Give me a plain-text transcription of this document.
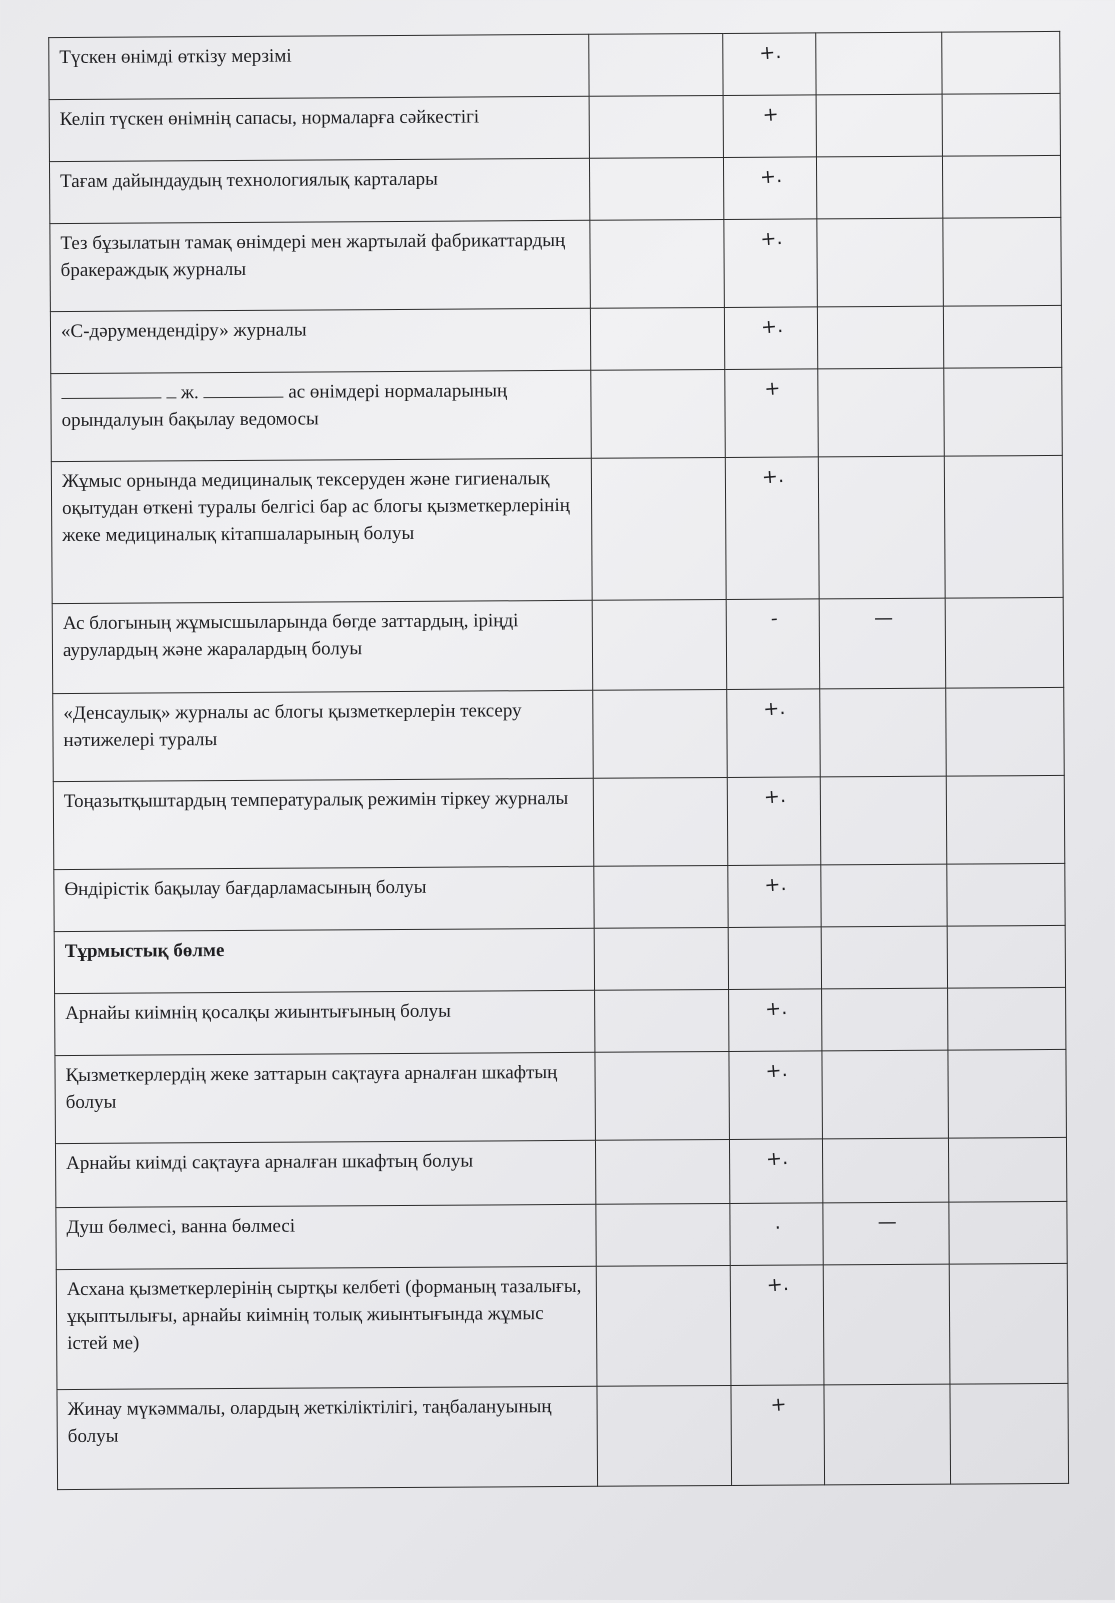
Түскен өнімді өткізу мерзімі		+.		
Келіп түскен өнімнің сапасы, нормаларға сәйкестігі		+		
Тағам дайындаудың технологиялық карталары		+.		
Тез бұзылатын тамақ өнімдері мен жартылай фабрикаттардың бракераждық журналы		+.		
«С-дәрумендендіру» журналы		+.		
ж. ас өнімдері нормаларының орындалуын бақылау ведомосы		+		
Жұмыс орнында медициналық тексеруден және гигиеналық оқытудан өткені туралы белгісі бар ас блогы қызметкерлерінің жеке медициналық кітапшаларының болуы		+.		
Ас блогының жұмысшыларында бөгде заттардың, іріңді аурулардың және жаралардың болуы		-	—	
«Денсаулық» журналы ас блогы қызметкерлерін тексеру нәтижелері туралы		+.		
Тоңазытқыштардың температуралық режимін тіркеу журналы		+.		
Өндірістік бақылау бағдарламасының болуы		+.		
Тұрмыстық бөлме				
Арнайы киімнің қосалқы жиынтығының болуы		+.		
Қызметкерлердің жеке заттарын сақтауға арналған шкафтың болуы		+.		
Арнайы киімді сақтауға арналған шкафтың болуы		+.		
Душ бөлмесі, ванна бөлмесі		.	—	
Асхана қызметкерлерінің сыртқы келбеті (форманың тазалығы, ұқыптылығы, арнайы киімнің толық жиынтығында жұмыс істей ме)		+.		
Жинау мүкәммалы, олардың жеткіліктілігі, таңбалануының болуы		+		
